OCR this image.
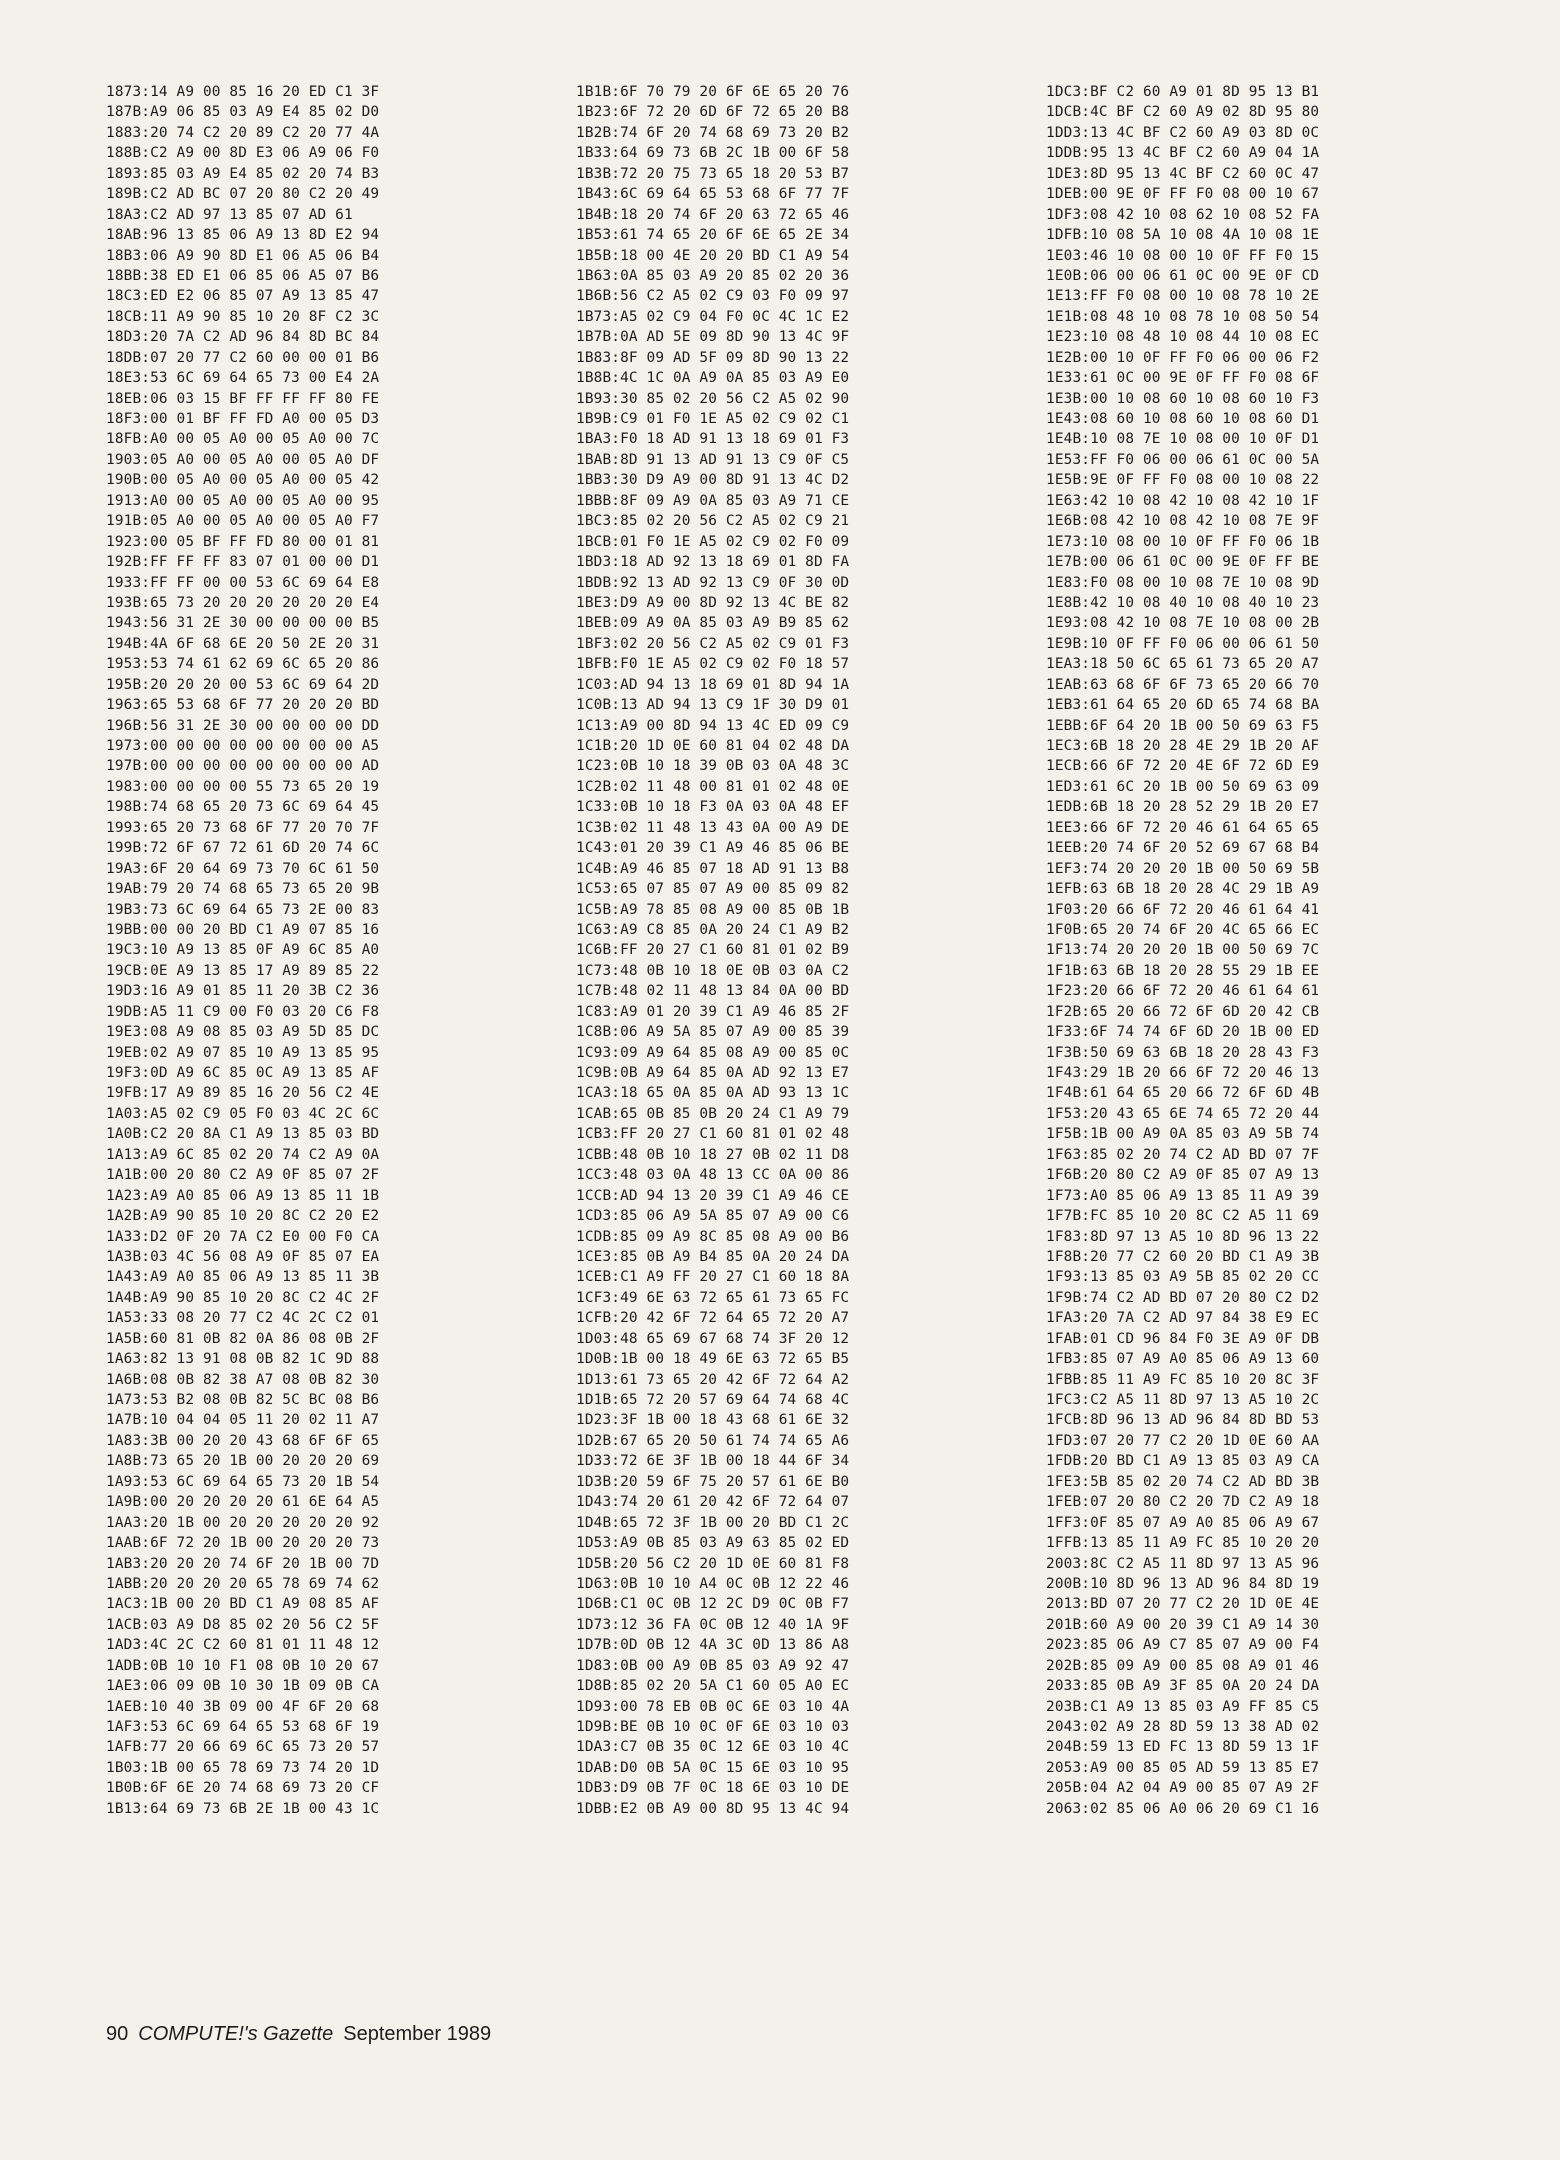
1873:14 A9 00 85 16 20 ED C1 3F
187B:A9 06 85 03 A9 E4 85 02 D0
1883:20 74 C2 20 89 C2 20 77 4A
188B:C2 A9 00 8D E3 06 A9 06 F0
1893:85 03 A9 E4 85 02 20 74 B3
189B:C2 AD BC 07 20 80 C2 20 49
18A3:C2 AD 97 13 85 07 AD 61
18AB:96 13 85 06 A9 13 8D E2 94
18B3:06 A9 90 8D E1 06 A5 06 B4
18BB:38 ED E1 06 85 06 A5 07 B6
18C3:ED E2 06 85 07 A9 13 85 47
18CB:11 A9 90 85 10 20 8F C2 3C
18D3:20 7A C2 AD 96 84 8D BC 84
18DB:07 20 77 C2 60 00 00 01 B6
18E3:53 6C 69 64 65 73 00 E4 2A
18EB:06 03 15 BF FF FF FF 80 FE
18F3:00 01 BF FF FD A0 00 05 D3
18FB:A0 00 05 A0 00 05 A0 00 7C
1903:05 A0 00 05 A0 00 05 A0 DF
190B:00 05 A0 00 05 A0 00 05 42
1913:A0 00 05 A0 00 05 A0 00 95
191B:05 A0 00 05 A0 00 05 A0 F7
1923:00 05 BF FF FD 80 00 01 81
192B:FF FF FF 83 07 01 00 00 D1
1933:FF FF 00 00 53 6C 69 64 E8
193B:65 73 20 20 20 20 20 20 E4
1943:56 31 2E 30 00 00 00 00 B5
194B:4A 6F 68 6E 20 50 2E 20 31
1953:53 74 61 62 69 6C 65 20 86
195B:20 20 20 00 53 6C 69 64 2D
1963:65 53 68 6F 77 20 20 20 BD
196B:56 31 2E 30 00 00 00 00 DD
1973:00 00 00 00 00 00 00 00 A5
197B:00 00 00 00 00 00 00 00 AD
1983:00 00 00 00 55 73 65 20 19
198B:74 68 65 20 73 6C 69 64 45
1993:65 20 73 68 6F 77 20 70 7F
199B:72 6F 67 72 61 6D 20 74 6C
19A3:6F 20 64 69 73 70 6C 61 50
19AB:79 20 74 68 65 73 65 20 9B
19B3:73 6C 69 64 65 73 2E 00 83
19BB:00 00 20 BD C1 A9 07 85 16
19C3:10 A9 13 85 0F A9 6C 85 A0
19CB:0E A9 13 85 17 A9 89 85 22
19D3:16 A9 01 85 11 20 3B C2 36
19DB:A5 11 C9 00 F0 03 20 C6 F8
19E3:08 A9 08 85 03 A9 5D 85 DC
19EB:02 A9 07 85 10 A9 13 85 95
19F3:0D A9 6C 85 0C A9 13 85 AF
19FB:17 A9 89 85 16 20 56 C2 4E
1A03:A5 02 C9 05 F0 03 4C 2C 6C
1A0B:C2 20 8A C1 A9 13 85 03 BD
1A13:A9 6C 85 02 20 74 C2 A9 0A
1A1B:00 20 80 C2 A9 0F 85 07 2F
1A23:A9 A0 85 06 A9 13 85 11 1B
1A2B:A9 90 85 10 20 8C C2 20 E2
1A33:D2 0F 20 7A C2 E0 00 F0 CA
1A3B:03 4C 56 08 A9 0F 85 07 EA
1A43:A9 A0 85 06 A9 13 85 11 3B
1A4B:A9 90 85 10 20 8C C2 4C 2F
1A53:33 08 20 77 C2 4C 2C C2 01
1A5B:60 81 0B 82 0A 86 08 0B 2F
1A63:82 13 91 08 0B 82 1C 9D 88
1A6B:08 0B 82 38 A7 08 0B 82 30
1A73:53 B2 08 0B 82 5C BC 08 B6
1A7B:10 04 04 05 11 20 02 11 A7
1A83:3B 00 20 20 43 68 6F 6F 65
1A8B:73 65 20 1B 00 20 20 20 69
1A93:53 6C 69 64 65 73 20 1B 54
1A9B:00 20 20 20 20 61 6E 64 A5
1AA3:20 1B 00 20 20 20 20 20 92
1AAB:6F 72 20 1B 00 20 20 20 73
1AB3:20 20 20 74 6F 20 1B 00 7D
1ABB:20 20 20 20 65 78 69 74 62
1AC3:1B 00 20 BD C1 A9 08 85 AF
1ACB:03 A9 D8 85 02 20 56 C2 5F
1AD3:4C 2C C2 60 81 01 11 48 12
1ADB:0B 10 10 F1 08 0B 10 20 67
1AE3:06 09 0B 10 30 1B 09 0B CA
1AEB:10 40 3B 09 00 4F 6F 20 68
1AF3:53 6C 69 64 65 53 68 6F 19
1AFB:77 20 66 69 6C 65 73 20 57
1B03:1B 00 65 78 69 73 74 20 1D
1B0B:6F 6E 20 74 68 69 73 20 CF
1B13:64 69 73 6B 2E 1B 00 43 1C
1B1B:6F 70 79 20 6F 6E 65 20 76
1B23:6F 72 20 6D 6F 72 65 20 B8
1B2B:74 6F 20 74 68 69 73 20 B2
1B33:64 69 73 6B 2C 1B 00 6F 58
1B3B:72 20 75 73 65 18 20 53 B7
1B43:6C 69 64 65 53 68 6F 77 7F
1B4B:18 20 74 6F 20 63 72 65 46
1B53:61 74 65 20 6F 6E 65 2E 34
1B5B:18 00 4E 20 20 BD C1 A9 54
1B63:0A 85 03 A9 20 85 02 20 36
1B6B:56 C2 A5 02 C9 03 F0 09 97
1B73:A5 02 C9 04 F0 0C 4C 1C E2
1B7B:0A AD 5E 09 8D 90 13 4C 9F
1B83:8F 09 AD 5F 09 8D 90 13 22
1B8B:4C 1C 0A A9 0A 85 03 A9 E0
1B93:30 85 02 20 56 C2 A5 02 90
1B9B:C9 01 F0 1E A5 02 C9 02 C1
1BA3:F0 18 AD 91 13 18 69 01 F3
1BAB:8D 91 13 AD 91 13 C9 0F C5
1BB3:30 D9 A9 00 8D 91 13 4C D2
1BBB:8F 09 A9 0A 85 03 A9 71 CE
1BC3:85 02 20 56 C2 A5 02 C9 21
1BCB:01 F0 1E A5 02 C9 02 F0 09
1BD3:18 AD 92 13 18 69 01 8D FA
1BDB:92 13 AD 92 13 C9 0F 30 0D
1BE3:D9 A9 00 8D 92 13 4C BE 82
1BEB:09 A9 0A 85 03 A9 B9 85 62
1BF3:02 20 56 C2 A5 02 C9 01 F3
1BFB:F0 1E A5 02 C9 02 F0 18 57
1C03:AD 94 13 18 69 01 8D 94 1A
1C0B:13 AD 94 13 C9 1F 30 D9 01
1C13:A9 00 8D 94 13 4C ED 09 C9
1C1B:20 1D 0E 60 81 04 02 48 DA
1C23:0B 10 18 39 0B 03 0A 48 3C
1C2B:02 11 48 00 81 01 02 48 0E
1C33:0B 10 18 F3 0A 03 0A 48 EF
1C3B:02 11 48 13 43 0A 00 A9 DE
1C43:01 20 39 C1 A9 46 85 06 BE
1C4B:A9 46 85 07 18 AD 91 13 B8
1C53:65 07 85 07 A9 00 85 09 82
1C5B:A9 78 85 08 A9 00 85 0B 1B
1C63:A9 C8 85 0A 20 24 C1 A9 B2
1C6B:FF 20 27 C1 60 81 01 02 B9
1C73:48 0B 10 18 0E 0B 03 0A C2
1C7B:48 02 11 48 13 84 0A 00 BD
1C83:A9 01 20 39 C1 A9 46 85 2F
1C8B:06 A9 5A 85 07 A9 00 85 39
1C93:09 A9 64 85 08 A9 00 85 0C
1C9B:0B A9 64 85 0A AD 92 13 E7
1CA3:18 65 0A 85 0A AD 93 13 1C
1CAB:65 0B 85 0B 20 24 C1 A9 79
1CB3:FF 20 27 C1 60 81 01 02 48
1CBB:48 0B 10 18 27 0B 02 11 D8
1CC3:48 03 0A 48 13 CC 0A 00 86
1CCB:AD 94 13 20 39 C1 A9 46 CE
1CD3:85 06 A9 5A 85 07 A9 00 C6
1CDB:85 09 A9 8C 85 08 A9 00 B6
1CE3:85 0B A9 B4 85 0A 20 24 DA
1CEB:C1 A9 FF 20 27 C1 60 18 8A
1CF3:49 6E 63 72 65 61 73 65 FC
1CFB:20 42 6F 72 64 65 72 20 A7
1D03:48 65 69 67 68 74 3F 20 12
1D0B:1B 00 18 49 6E 63 72 65 B5
1D13:61 73 65 20 42 6F 72 64 A2
1D1B:65 72 20 57 69 64 74 68 4C
1D23:3F 1B 00 18 43 68 61 6E 32
1D2B:67 65 20 50 61 74 74 65 A6
1D33:72 6E 3F 1B 00 18 44 6F 34
1D3B:20 59 6F 75 20 57 61 6E B0
1D43:74 20 61 20 42 6F 72 64 07
1D4B:65 72 3F 1B 00 20 BD C1 2C
1D53:A9 0B 85 03 A9 63 85 02 ED
1D5B:20 56 C2 20 1D 0E 60 81 F8
1D63:0B 10 10 A4 0C 0B 12 22 46
1D6B:C1 0C 0B 12 2C D9 0C 0B F7
1D73:12 36 FA 0C 0B 12 40 1A 9F
1D7B:0D 0B 12 4A 3C 0D 13 86 A8
1D83:0B 00 A9 0B 85 03 A9 92 47
1D8B:85 02 20 5A C1 60 05 A0 EC
1D93:00 78 EB 0B 0C 6E 03 10 4A
1D9B:BE 0B 10 0C 0F 6E 03 10 03
1DA3:C7 0B 35 0C 12 6E 03 10 4C
1DAB:D0 0B 5A 0C 15 6E 03 10 95
1DB3:D9 0B 7F 0C 18 6E 03 10 DE
1DBB:E2 0B A9 00 8D 95 13 4C 94
1DC3:BF C2 60 A9 01 8D 95 13 B1
1DCB:4C BF C2 60 A9 02 8D 95 80
1DD3:13 4C BF C2 60 A9 03 8D 0C
1DDB:95 13 4C BF C2 60 A9 04 1A
1DE3:8D 95 13 4C BF C2 60 0C 47
1DEB:00 9E 0F FF F0 08 00 10 67
1DF3:08 42 10 08 62 10 08 52 FA
1DFB:10 08 5A 10 08 4A 10 08 1E
1E03:46 10 08 00 10 0F FF F0 15
1E0B:06 00 06 61 0C 00 9E 0F CD
1E13:FF F0 08 00 10 08 78 10 2E
1E1B:08 48 10 08 78 10 08 50 54
1E23:10 08 48 10 08 44 10 08 EC
1E2B:00 10 0F FF F0 06 00 06 F2
1E33:61 0C 00 9E 0F FF F0 08 6F
1E3B:00 10 08 60 10 08 60 10 F3
1E43:08 60 10 08 60 10 08 60 D1
1E4B:10 08 7E 10 08 00 10 0F D1
1E53:FF F0 06 00 06 61 0C 00 5A
1E5B:9E 0F FF F0 08 00 10 08 22
1E63:42 10 08 42 10 08 42 10 1F
1E6B:08 42 10 08 42 10 08 7E 9F
1E73:10 08 00 10 0F FF F0 06 1B
1E7B:00 06 61 0C 00 9E 0F FF BE
1E83:F0 08 00 10 08 7E 10 08 9D
1E8B:42 10 08 40 10 08 40 10 23
1E93:08 42 10 08 7E 10 08 00 2B
1E9B:10 0F FF F0 06 00 06 61 50
1EA3:18 50 6C 65 61 73 65 20 A7
1EAB:63 68 6F 6F 73 65 20 66 70
1EB3:61 64 65 20 6D 65 74 68 BA
1EBB:6F 64 20 1B 00 50 69 63 F5
1EC3:6B 18 20 28 4E 29 1B 20 AF
1ECB:66 6F 72 20 4E 6F 72 6D E9
1ED3:61 6C 20 1B 00 50 69 63 09
1EDB:6B 18 20 28 52 29 1B 20 E7
1EE3:66 6F 72 20 46 61 64 65 65
1EEB:20 74 6F 20 52 69 67 68 B4
1EF3:74 20 20 20 1B 00 50 69 5B
1EFB:63 6B 18 20 28 4C 29 1B A9
1F03:20 66 6F 72 20 46 61 64 41
1F0B:65 20 74 6F 20 4C 65 66 EC
1F13:74 20 20 20 1B 00 50 69 7C
1F1B:63 6B 18 20 28 55 29 1B EE
1F23:20 66 6F 72 20 46 61 64 61
1F2B:65 20 66 72 6F 6D 20 42 CB
1F33:6F 74 74 6F 6D 20 1B 00 ED
1F3B:50 69 63 6B 18 20 28 43 F3
1F43:29 1B 20 66 6F 72 20 46 13
1F4B:61 64 65 20 66 72 6F 6D 4B
1F53:20 43 65 6E 74 65 72 20 44
1F5B:1B 00 A9 0A 85 03 A9 5B 74
1F63:85 02 20 74 C2 AD BD 07 7F
1F6B:20 80 C2 A9 0F 85 07 A9 13
1F73:A0 85 06 A9 13 85 11 A9 39
1F7B:FC 85 10 20 8C C2 A5 11 69
1F83:8D 97 13 A5 10 8D 96 13 22
1F8B:20 77 C2 60 20 BD C1 A9 3B
1F93:13 85 03 A9 5B 85 02 20 CC
1F9B:74 C2 AD BD 07 20 80 C2 D2
1FA3:20 7A C2 AD 97 84 38 E9 EC
1FAB:01 CD 96 84 F0 3E A9 0F DB
1FB3:85 07 A9 A0 85 06 A9 13 60
1FBB:85 11 A9 FC 85 10 20 8C 3F
1FC3:C2 A5 11 8D 97 13 A5 10 2C
1FCB:8D 96 13 AD 96 84 8D BD 53
1FD3:07 20 77 C2 20 1D 0E 60 AA
1FDB:20 BD C1 A9 13 85 03 A9 CA
1FE3:5B 85 02 20 74 C2 AD BD 3B
1FEB:07 20 80 C2 20 7D C2 A9 18
1FF3:0F 85 07 A9 A0 85 06 A9 67
1FFB:13 85 11 A9 FC 85 10 20 20
2003:8C C2 A5 11 8D 97 13 A5 96
200B:10 8D 96 13 AD 96 84 8D 19
2013:BD 07 20 77 C2 20 1D 0E 4E
201B:60 A9 00 20 39 C1 A9 14 30
2023:85 06 A9 C7 85 07 A9 00 F4
202B:85 09 A9 00 85 08 A9 01 46
2033:85 0B A9 3F 85 0A 20 24 DA
203B:C1 A9 13 85 03 A9 FF 85 C5
2043:02 A9 28 8D 59 13 38 AD 02
204B:59 13 ED FC 13 8D 59 13 1F
2053:A9 00 85 05 AD 59 13 85 E7
205B:04 A2 04 A9 00 85 07 A9 2F
2063:02 85 06 A0 06 20 69 C1 16
90 COMPUTE!'s Gazette September 1989
